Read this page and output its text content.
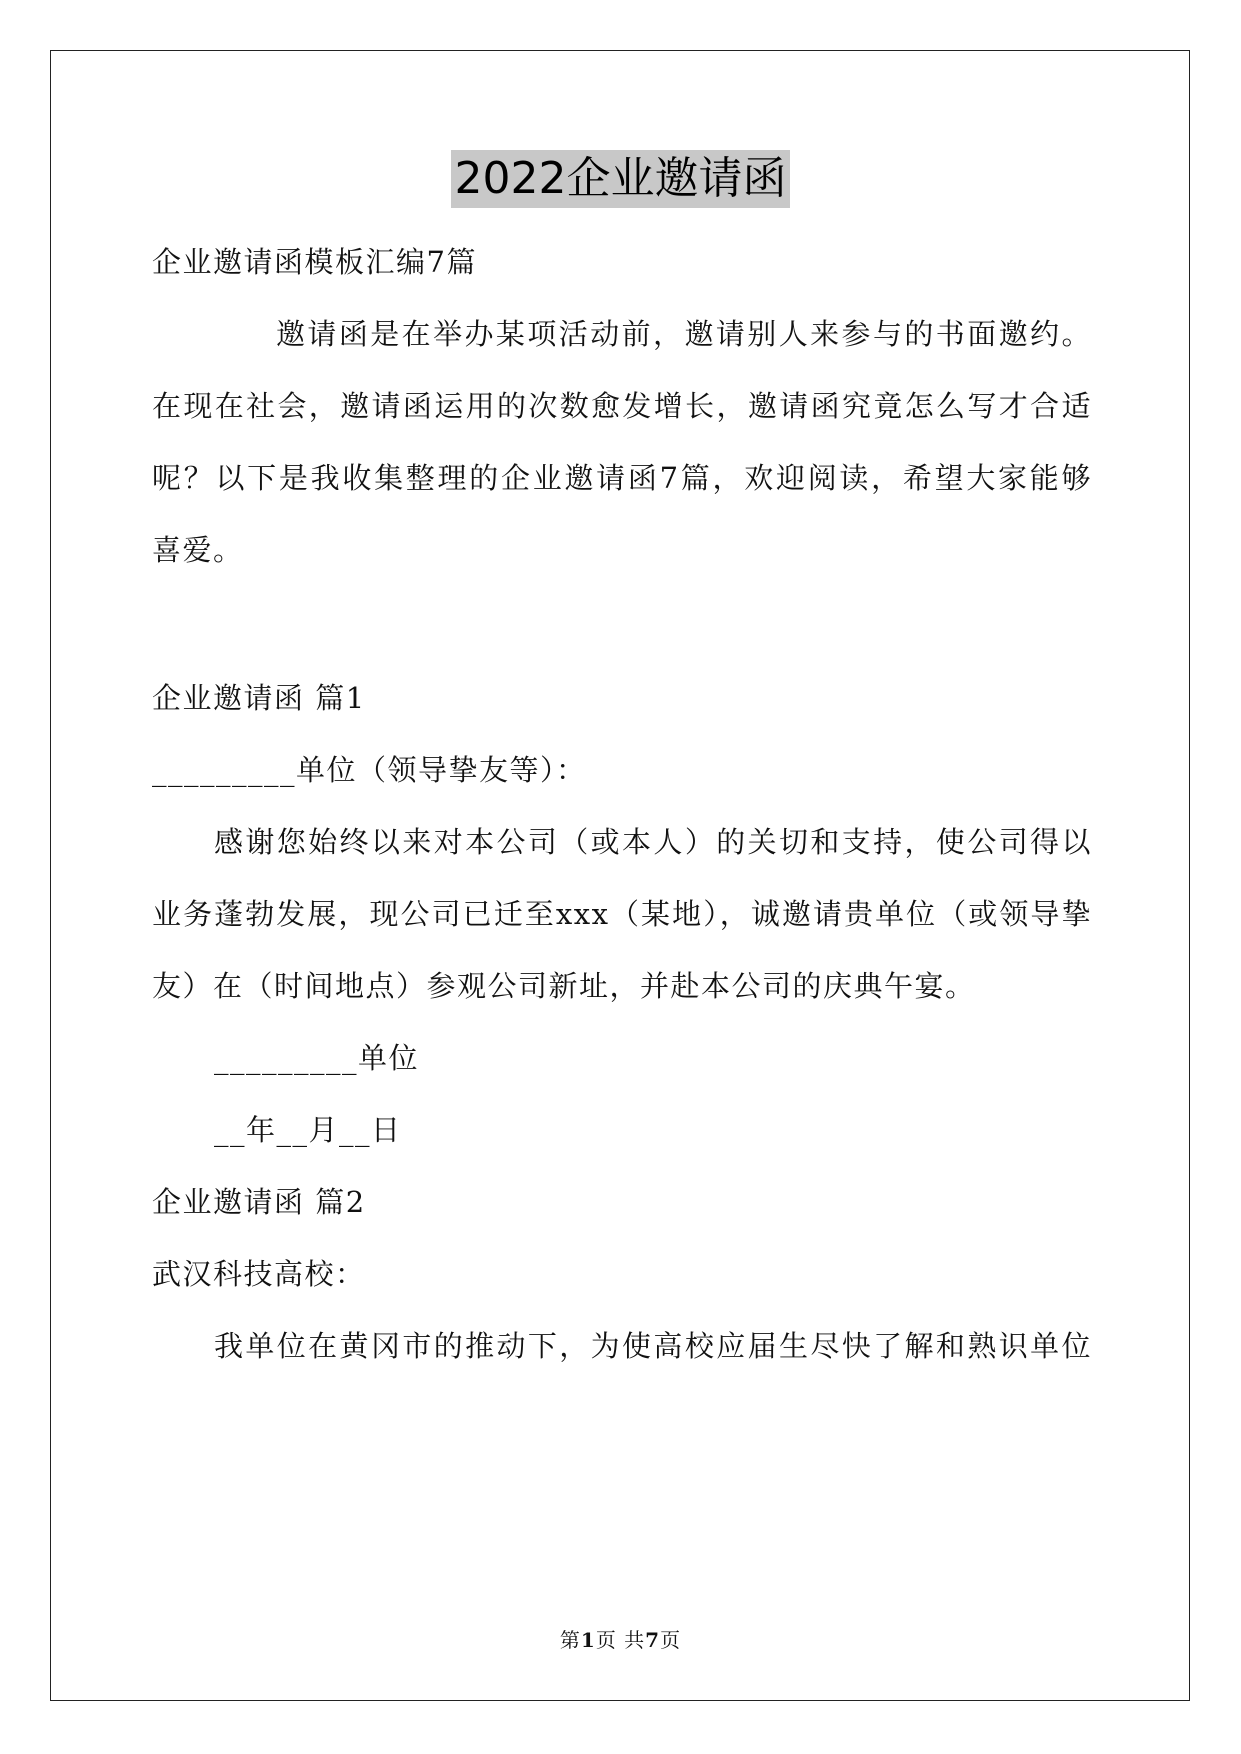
2022企业邀请函
企业邀请函模板汇编7篇
邀请函是在举办某项活动前，邀请别人来参与的书面邀约。
在现在社会，邀请函运用的次数愈发增长，邀请函究竟怎么写才合适
呢？以下是我收集整理的企业邀请函7篇，欢迎阅读，希望大家能够
喜爱。
企业邀请函 篇1
_________单位（领导挚友等）：
感谢您始终以来对本公司（或本人）的关切和支持，使公司得以
业务蓬勃发展，现公司已迁至xxx（某地），诚邀请贵单位（或领导挚
友）在（时间地点）参观公司新址，并赴本公司的庆典午宴。
_________单位
__年__月__日
企业邀请函 篇2
武汉科技高校：
我单位在黄冈市的推动下，为使高校应届生尽快了解和熟识单位
第1页 共7页
